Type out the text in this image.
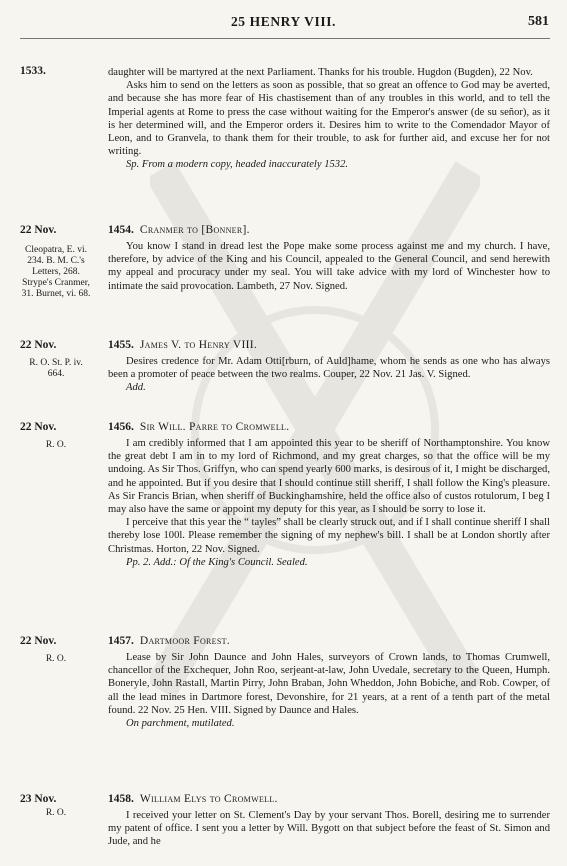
25 HENRY VIII.	581
1533.	daughter will be martyred at the next Parliament. Thanks for his trouble. Hugdon (Bugden), 22 Nov.

Asks him to send on the letters as soon as possible, that so great an offence to God may be averted, and because she has more fear of His chastisement than of any troubles in this world, and to tell the Imperial agents at Rome to press the case without waiting for the Emperor's answer (de su señor), as it is her determined will, and the Emperor orders it. Desires him to write to the Comendador Mayor of Leon, and to Granvela, to thank them for their trouble, to ask for further aid, and excuse her for not writing.

Sp. From a modern copy, headed inaccurately 1532.

22 Nov.
Cleopatra, E. vi. 234. B. M. C.'s Letters, 268. Strype's Cranmer, 31. Burnet, vi. 68.

1454. Cranmer to [Bonner].

You know I stand in dread lest the Pope make some process against me and my church. I have, therefore, by advice of the King and his Council, appealed to the General Council, and send herewith my appeal and procuracy under my seal. You will take advice with my lord of Winchester how to intimate the said provocation. Lambeth, 27 Nov. Signed.

22 Nov.
R. O. St. P. iv. 664.

1455. James V. to Henry VIII.

Desires credence for Mr. Adam Otti[rburn, of Auld]hame, whom he sends as one who has always been a promoter of peace between the two realms. Couper, 22 Nov. 21 Jas. V. Signed.

Add.

22 Nov.
R. O.

1456. Sir Will. Parre to Cromwell.

I am credibly informed that I am appointed this year to be sheriff of Northamptonshire. You know the great debt I am in to my lord of Richmond, and my great charges, so that the office will be my undoing. As Sir Thos. Griffyn, who can spend yearly 600 marks, is desirous of it, I might be discharged, and he appointed. But if you desire that I should continue still sheriff, I shall follow the King's pleasure. As Sir Francis Brian, when sheriff of Buckinghamshire, held the office also of custos rotulorum, I beg I may also have the same or appoint my deputy for this year, as I should be sorry to lose it.

I perceive that this year the “ tayles” shall be clearly struck out, and if I shall continue sheriff I shall thereby lose 100l. Please remember the signing of my nephew's bill. I shall be at London shortly after Christmas. Horton, 22 Nov. Signed.

Pp. 2. Add.: Of the King's Council. Sealed.

22 Nov.
R. O.

1457. Dartmoor Forest.

Lease by Sir John Daunce and John Hales, surveyors of Crown lands, to Thomas Crumwell, chancellor of the Exchequer, John Roo, serjeant-at-law, John Uvedale, secretary to the Queen, Humph. Boneryle, John Rastall, Martin Pirry, John Braban, John Wheddon, John Bobiche, and Rob. Cowper, of all the lead mines in Dartmore forest, Devonshire, for 21 years, at a rent of a tenth part of the metal found. 22 Nov. 25 Hen. VIII. Signed by Daunce and Hales.

On parchment, mutilated.

23 Nov.
R. O.

1458. William Elys to Cromwell.

I received your letter on St. Clement's Day by your servant Thos. Borell, desiring me to surrender my patent of office. I sent you a letter by Will. Bygott on that subject before the feast of St. Simon and Jude, and he
